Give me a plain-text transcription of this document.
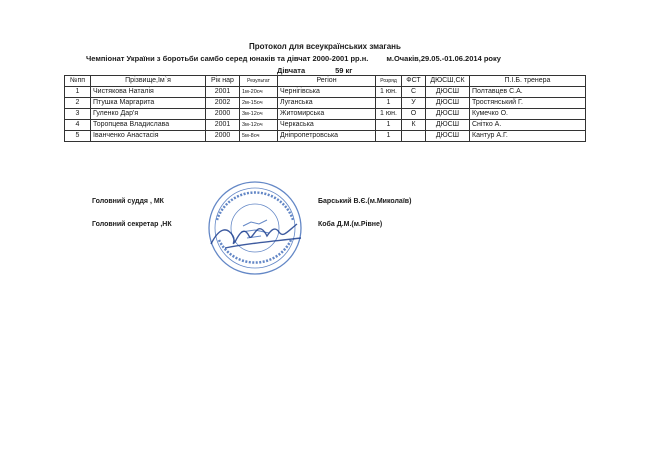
Протокол для всеукраїнських змагань
Чемпіонат України з боротьби самбо серед юнаків та дівчат 2000-2001 рр.н. м.Очаків,29.05.-01.06.2014 року
Дівчата	59 кг
№пп	Прізвище,Ім`я	Рік нар	Результат	Регіон	Розряд	ФСТ	ДЮСШ,СК	П.І.Б. тренера
1	Чистякова Наталія	2001	1м-20оч	Чернігівська	1 юн.	С	ДЮСШ	Полтавцев С.А.
2	Птушка Маргарита	2002	2м-15оч	Луганська	1	У	ДЮСШ	Тростянський Г.
3	Гуленко Дар'я	2000	3м-12оч	Житомирська	1 юн.	О	ДЮСШ	Кумечко О.
4	Торопцева Владислава	2001	3м-12оч	Черкаська	1	К	ДЮСШ	Снітко А.
5	Іванченко Анастасія	2000	5м-8оч	Дніпропетровська	1		ДЮСШ	Кантур А.Г.
Головний суддя , МК	Барський В.Є.(м.Миколаїв)
Головний секретар ,НК	Коба Д.М.(м.Рівне)
